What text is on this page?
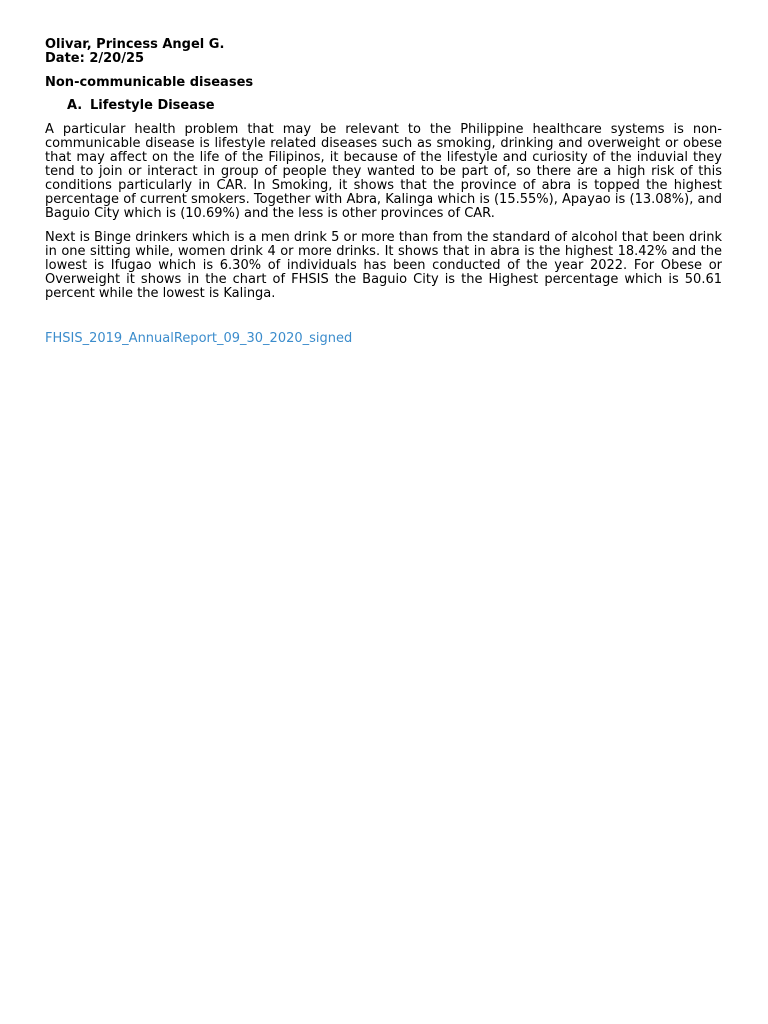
Olivar, Princess Angel G.

Date: 2/20/25

Non-communicable diseases

A. Lifestyle Disease

A particular health problem that may be relevant to the Philippine healthcare systems is non-communicable disease is lifestyle related diseases such as smoking, drinking and overweight or obese that may affect on the life of the Filipinos, it because of the lifestyle and curiosity of the induvial they tend to join or interact in group of people they wanted to be part of, so there are a high risk of this conditions particularly in CAR. In Smoking, it shows that the province of abra is topped the highest percentage of current smokers. Together with Abra, Kalinga which is (15.55%), Apayao is (13.08%), and Baguio City which is (10.69%) and the less is other provinces of CAR.

Next is Binge drinkers which is a men drink 5 or more than from the standard of alcohol that been drink in one sitting while, women drink 4 or more drinks. It shows that in abra is the highest 18.42% and the lowest is Ifugao which is 6.30% of individuals has been conducted of the year 2022. For Obese or Overweight it shows in the chart of FHSIS the Baguio City is the Highest percentage which is 50.61 percent while the lowest is Kalinga.

FHSIS_2019_AnnualReport_09_30_2020_signed
